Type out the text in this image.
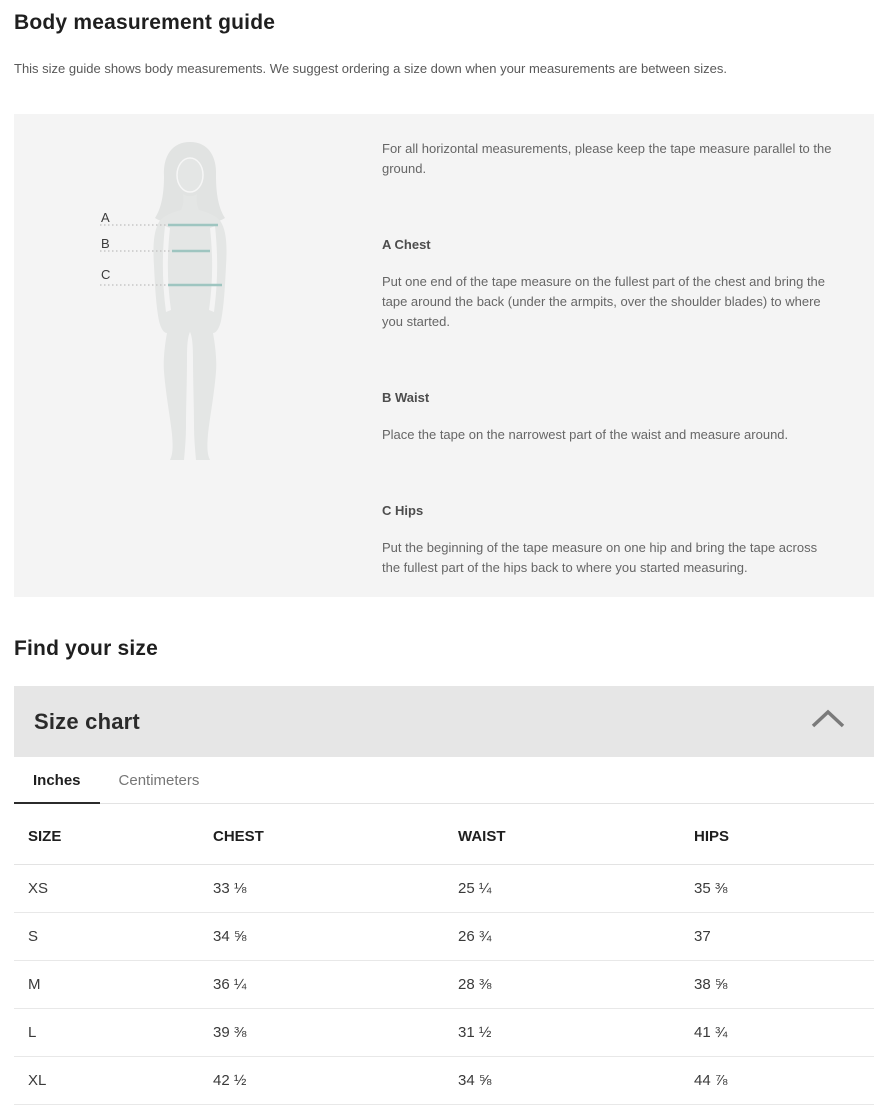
Body measurement guide

This size guide shows body measurements. We suggest ordering a size down when your measurements are between sizes.

A
B
C

For all horizontal measurements, please keep the tape measure parallel to the ground.

A Chest

Put one end of the tape measure on the fullest part of the chest and bring the tape around the back (under the armpits, over the shoulder blades) to where you started.

B Waist

Place the tape on the narrowest part of the waist and measure around.

C Hips

Put the beginning of the tape measure on one hip and bring the tape across the fullest part of the hips back to where you started measuring.

Find your size
Size chart
Inches	Centimeters
SIZE	CHEST	WAIST	HIPS
XS	33 ⅛	25 ¼	35 ⅜
S	34 ⅝	26 ¾	37
M	36 ¼	28 ⅜	38 ⅝
L	39 ⅜	31 ½	41 ¾
XL	42 ½	34 ⅝	44 ⅞
